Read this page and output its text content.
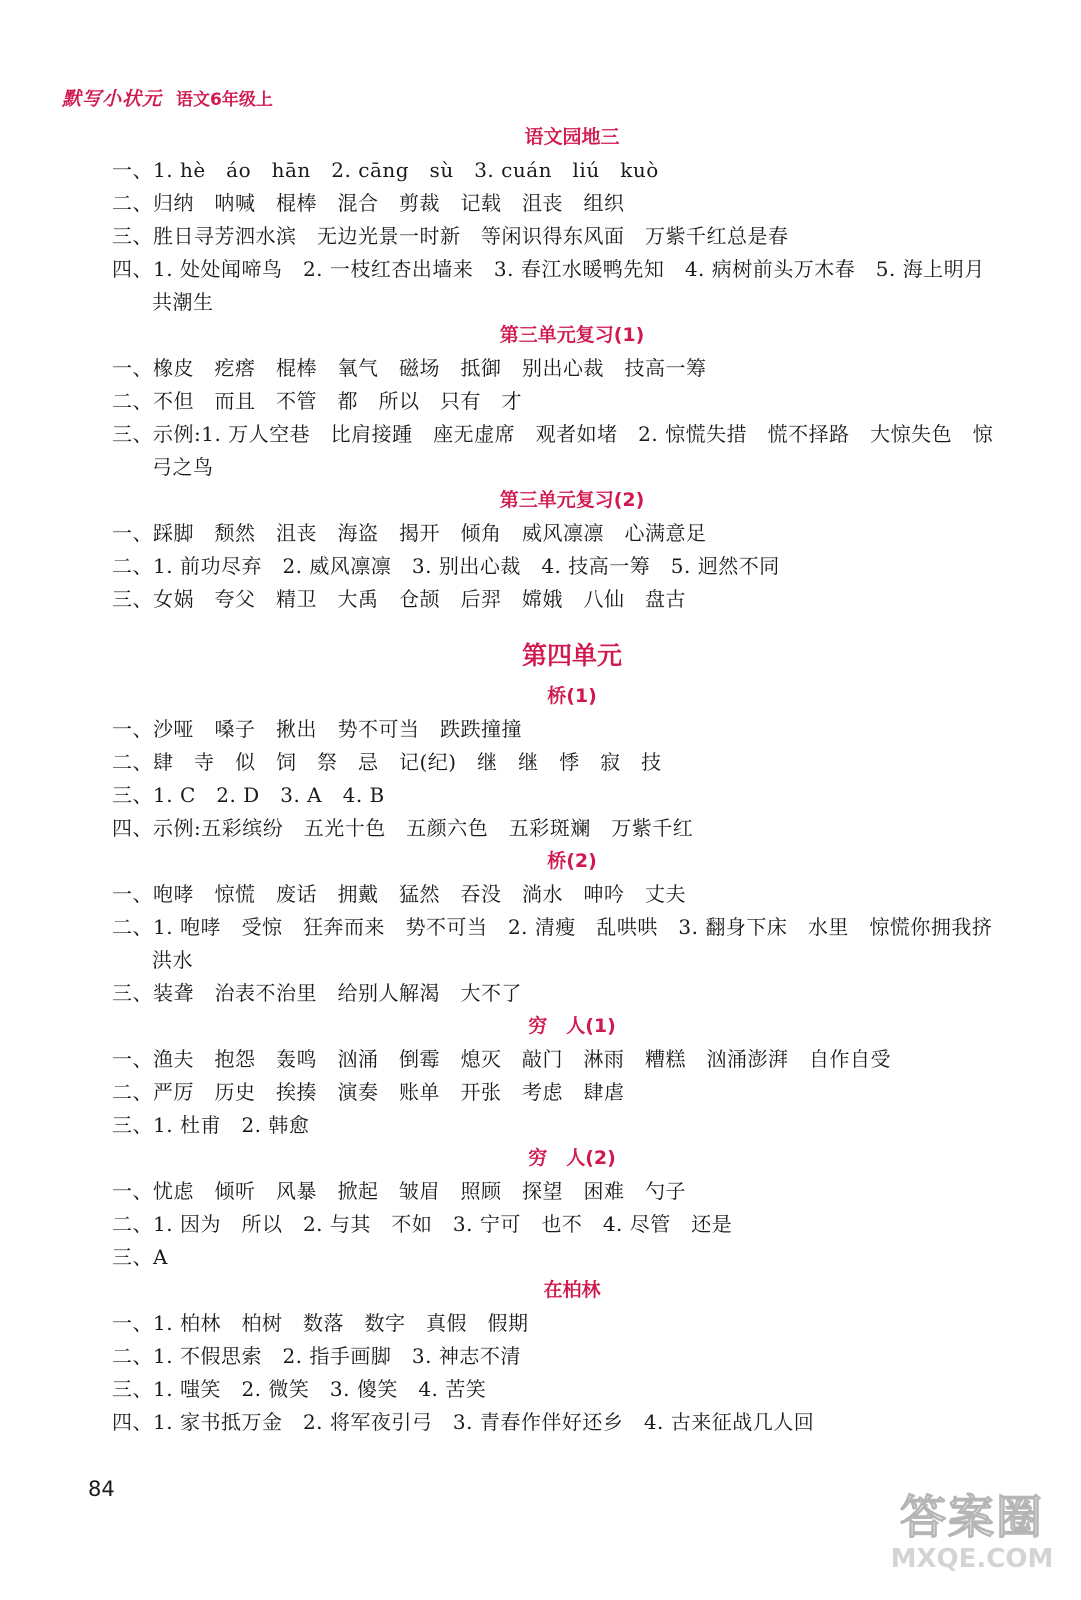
默写小状元 语文6年级上
语文园地三
一、1. hè　áo　hān　2. cāng　sù　3. cuán　liú　kuò
二、归纳　呐喊　棍棒　混合　剪裁　记载　沮丧　组织
三、胜日寻芳泗水滨　无边光景一时新　等闲识得东风面　万紫千红总是春
四、1. 处处闻啼鸟　2. 一枝红杏出墙来　3. 春江水暖鸭先知　4. 病树前头万木春　5. 海上明月共潮生
第三单元复习(1)
一、橡皮　疙瘩　棍棒　氧气　磁场　抵御　别出心裁　技高一筹
二、不但　而且　不管　都　所以　只有　才
三、示例:1. 万人空巷　比肩接踵　座无虚席　观者如堵　2. 惊慌失措　慌不择路　大惊失色　惊弓之鸟
第三单元复习(2)
一、踩脚　颓然　沮丧　海盗　揭开　倾角　威风凛凛　心满意足
二、1. 前功尽弃　2. 威风凛凛　3. 别出心裁　4. 技高一筹　5. 迥然不同
三、女娲　夸父　精卫　大禹　仓颉　后羿　嫦娥　八仙　盘古
第四单元
桥(1)
一、沙哑　嗓子　揪出　势不可当　跌跌撞撞
二、肆　寺　似　饲　祭　忌　记(纪)　继　继　悸　寂　技
三、1. C　2. D　3. A　4. B
四、示例:五彩缤纷　五光十色　五颜六色　五彩斑斓　万紫千红
桥(2)
一、咆哮　惊慌　废话　拥戴　猛然　吞没　淌水　呻吟　丈夫
二、1. 咆哮　受惊　狂奔而来　势不可当　2. 清瘦　乱哄哄　3. 翻身下床　水里　惊慌你拥我挤　洪水
三、装聋　治表不治里　给别人解渴　大不了
穷　人(1)
一、渔夫　抱怨　轰鸣　汹涌　倒霉　熄灭　敲门　淋雨　糟糕　汹涌澎湃　自作自受
二、严厉　历史　挨揍　演奏　账单　开张　考虑　肆虐
三、1. 杜甫　2. 韩愈
穷　人(2)
一、忧虑　倾听　风暴　掀起　皱眉　照顾　探望　困难　勺子
二、1. 因为　所以　2. 与其　不如　3. 宁可　也不　4. 尽管　还是
三、A
在柏林
一、1. 柏林　柏树　数落　数字　真假　假期
二、1. 不假思索　2. 指手画脚　3. 神志不清
三、1. 嗤笑　2. 微笑　3. 傻笑　4. 苦笑
四、1. 家书抵万金　2. 将军夜引弓　3. 青春作伴好还乡　4. 古来征战几人回
84
答案圈
MXQE.COM
